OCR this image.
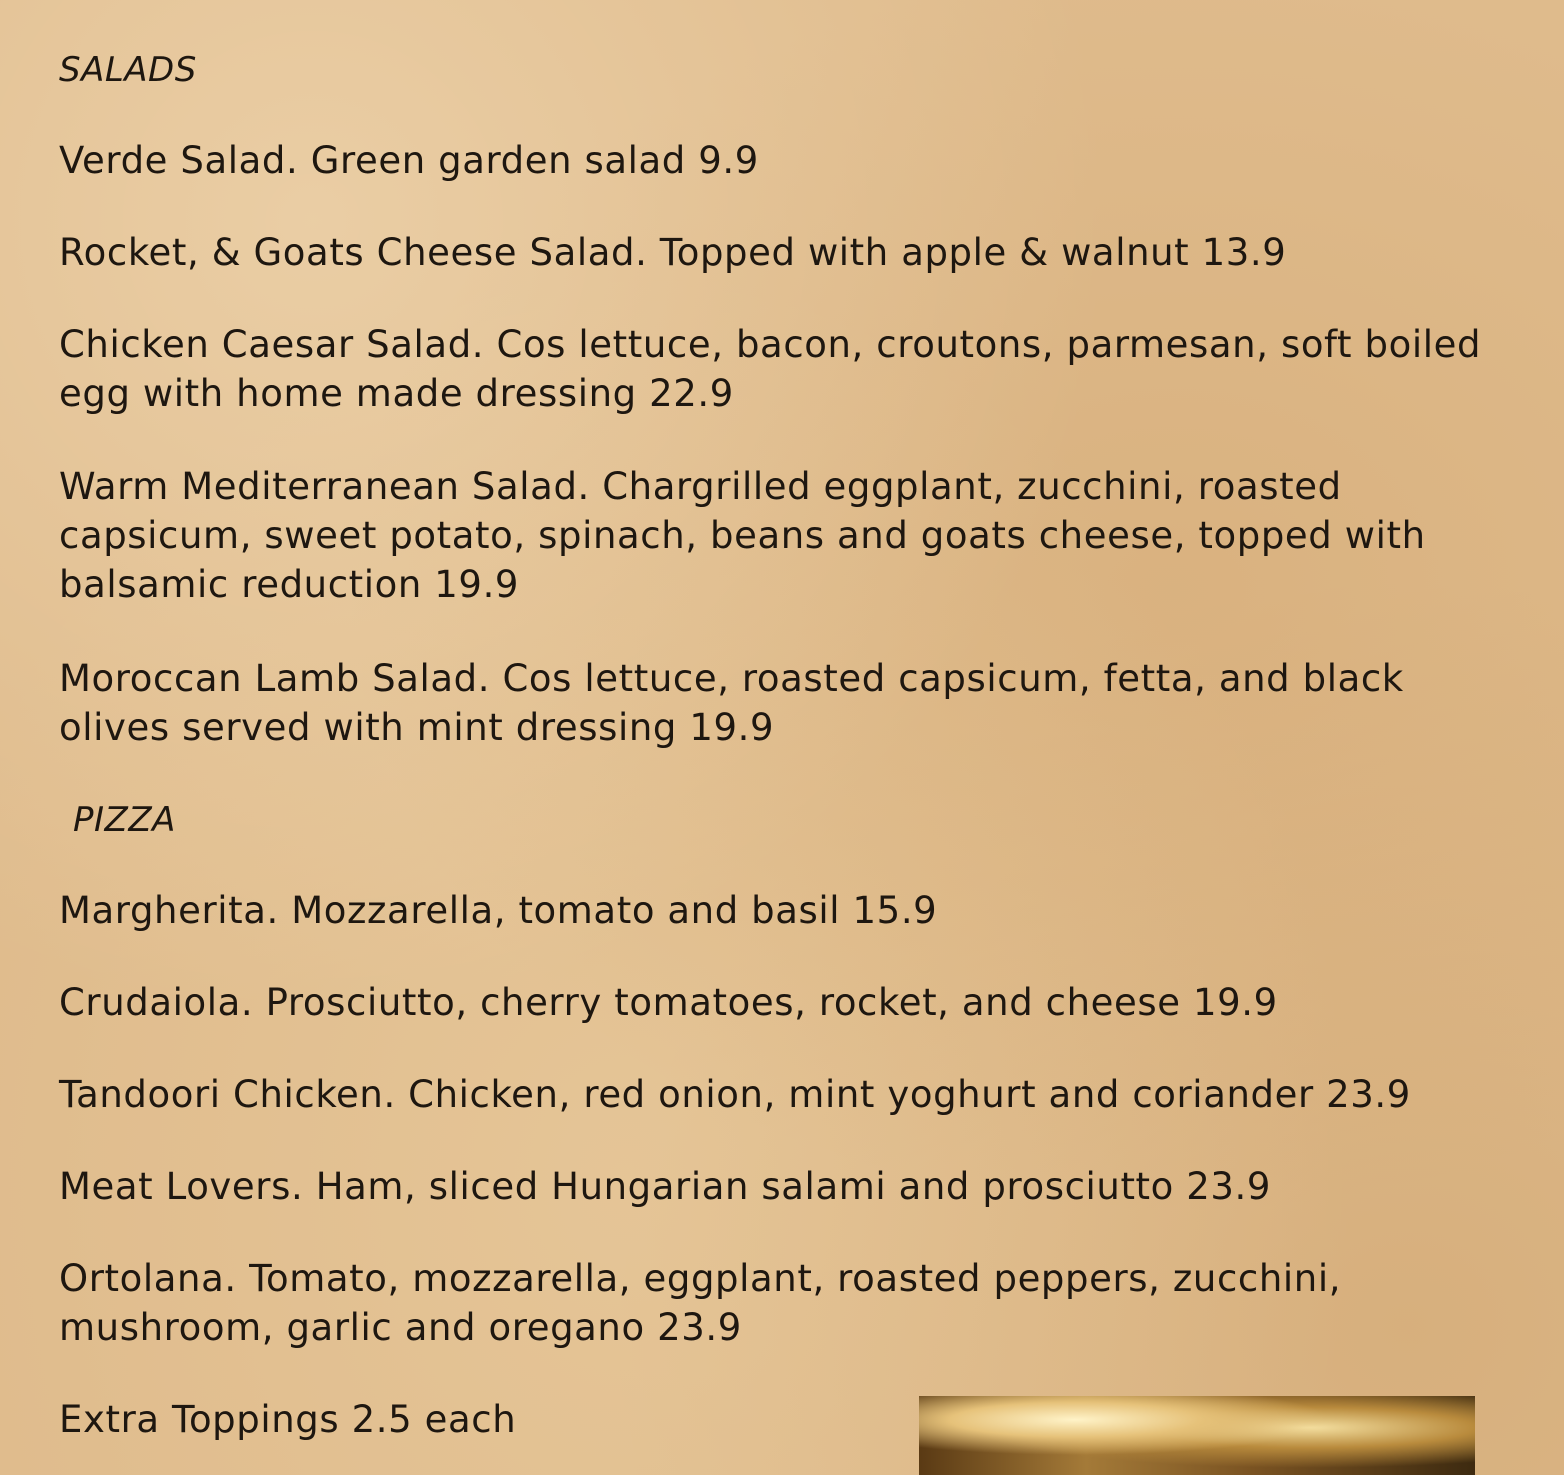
SALADS
Verde Salad. Green garden salad 9.9
Rocket, & Goats Cheese Salad. Topped with apple & walnut 13.9
Chicken Caesar Salad. Cos lettuce, bacon, croutons, parmesan, soft boiled
egg with home made dressing 22.9
Warm Mediterranean Salad. Chargrilled eggplant, zucchini, roasted
capsicum, sweet potato, spinach, beans and goats cheese, topped with
balsamic reduction 19.9
Moroccan Lamb Salad. Cos lettuce, roasted capsicum, fetta, and black
olives served with mint dressing 19.9
PIZZA
Margherita. Mozzarella, tomato and basil 15.9
Crudaiola. Prosciutto, cherry tomatoes, rocket, and cheese 19.9
Tandoori Chicken. Chicken, red onion, mint yoghurt and coriander 23.9
Meat Lovers. Ham, sliced Hungarian salami and prosciutto 23.9
Ortolana. Tomato, mozzarella, eggplant, roasted peppers, zucchini,
mushroom, garlic and oregano 23.9
Extra Toppings 2.5 each
